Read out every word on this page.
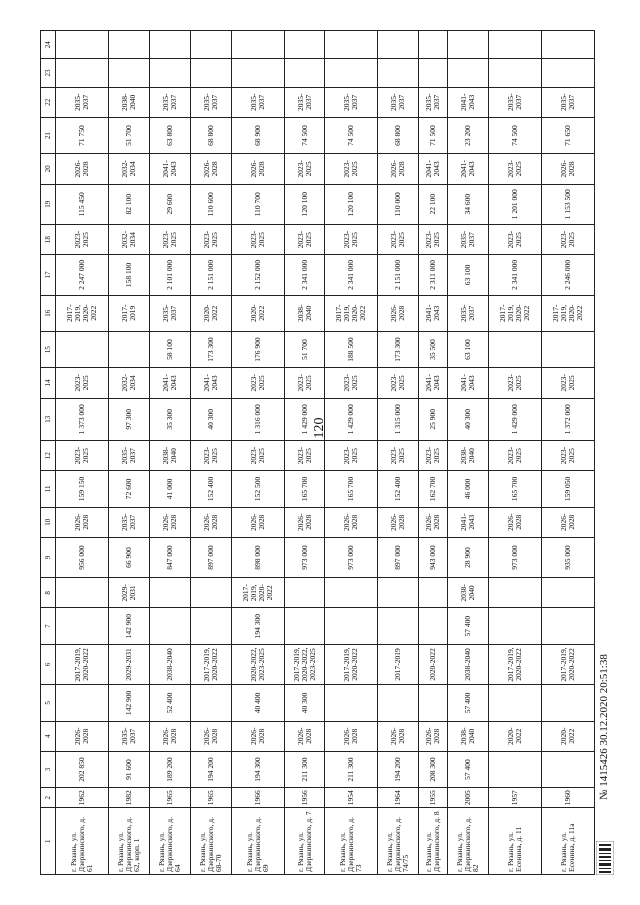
120
1	2	3	4	5	6	7	8	9	10	11	12	13	14	15	16	17	18	19	20	21	22	23	24
г. Рязань, ул. Дзержинского, д. 61	1962	202 850	2026-2028		2017-2019, 2020-2022			956 000	2026-2028	159 150	2023-2025	1 373 000	2023-2025		2017-2019, 2020-2022	2 247 000	2023-2025	115 450	2026-2028	71 750	2035-2037		
г. Рязань, ул. Дзержинского, д. 62, корп. 1	1982	91 600	2035-2037	142 900	2029-2031	142 900	2029-2031	66 900	2035-2037	72 600	2035-2037	97 300	2032-2034		2017-2019	158 100	2032-2034	82 100	2032-2034	51 700	2038-2040		
г. Рязань, ул. Дзержинского, д. 64	1965	189 200	2026-2028	52 400	2038-2040			847 000	2026-2028	41 000	2038-2040	35 300	2041-2043	58 100	2035-2037	2 101 000	2023-2025	29 600	2041-2043	63 800	2035-2037		
г. Рязань, ул. Дзержинского, д. 68-70	1965	194 200	2026-2028		2017-2019, 2020-2022			897 000	2026-2028	152 400	2023-2025	40 300	2041-2043	173 300	2020-2022	2 151 000	2023-2025	110 600	2026-2028	68 800	2035-2037		
г. Рязань, ул. Дзержинского, д. 69	1966	194 300	2026-2028	40 400	2020-2022, 2023-2025	194 300	2017-2019, 2020-2022	898 000	2026-2028	152 500	2023-2025	1 316 000	2023-2025	176 900	2020-2022	2 152 000	2023-2025	110 700	2026-2028	68 900	2035-2037		
г. Рязань, ул. Дзержинского, д. 7	1956	211 300	2026-2028	40 300	2017-2019, 2020-2022, 2023-2025			973 000	2026-2028	165 700	2023-2025	1 429 000	2023-2025	51 700	2038-2040	2 341 000	2023-2025	120 100	2023-2025	74 500	2035-2037		
г. Рязань, ул. Дзержинского, д. 73	1954	211 300	2026-2028		2017-2019, 2020-2022			973 000	2026-2028	165 700	2023-2025	1 429 000	2023-2025	188 500	2017-2019, 2020-2022	2 341 000	2023-2025	120 100	2023-2025	74 500	2035-2037		
г. Рязань, ул. Дзержинского, д. 74/75	1964	194 200	2026-2028		2017-2019			897 000	2026-2028	152 400	2023-2025	1 315 000	2023-2025	173 300	2026-2028	2 151 000	2023-2025	110 000	2026-2028	68 800	2035-2037		
г. Рязань, ул. Дзержинского, д. 8	1955	208 300	2026-2028		2020-2022			943 000	2026-2028	162 700	2023-2025	25 900	2041-2043	35 500	2041-2043	2 311 000	2023-2025	22 100	2041-2043	71 500	2035-2037		
г. Рязань, ул. Дзержинского, д. 82	2005	57 400	2038-2040	57 400	2038-2040	57 400	2038-2040	28 900	2041-2043	46 000	2038-2040	40 300	2041-2043	63 100	2035-2037	63 100	2035-2037	34 600	2041-2043	23 200	2041-2043		
г. Рязань, ул. Есенина, д. 11	1957		2020-2022		2017-2019, 2020-2022			973 000	2026-2028	165 700	2023-2025	1 429 000	2023-2025		2017-2019, 2020-2022	2 341 000	2023-2025	1 201 000	2023-2025	74 500	2035-2037		
г. Рязань, ул. Есенина, д. 11а	1960		2020-2022		2017-2019, 2020-2022			935 000	2026-2028	159 050	2023-2025	1 372 000	2023-2025		2017-2019, 2020-2022	2 246 000	2023-2025	1 153 500	2026-2028	71 650	2035-2037		
№ 1415426 30.12.2020 20:51:38
